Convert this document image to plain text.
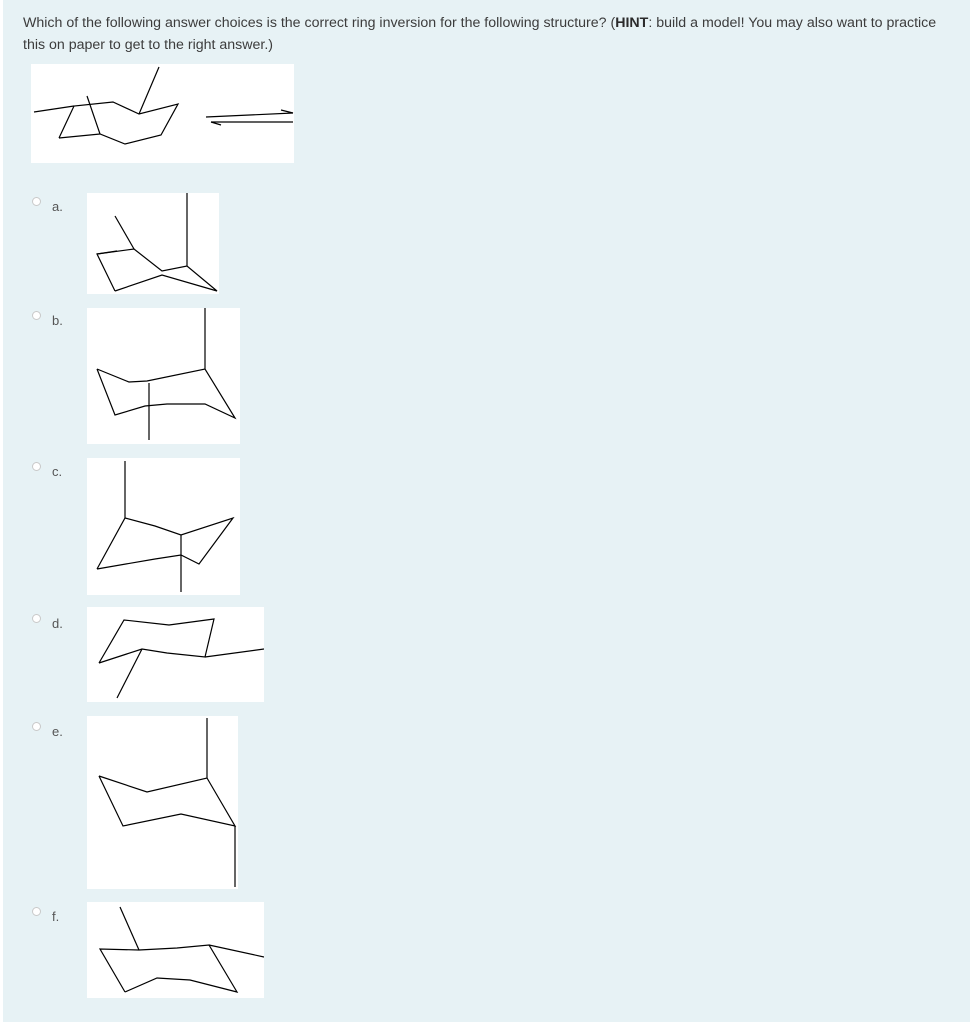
Which of the following answer choices is the correct ring inversion for the following structure? (HINT: build a model! You may also want to practice this on paper to get to the right answer.)

a.
b.
c.
d.
e.
f.
